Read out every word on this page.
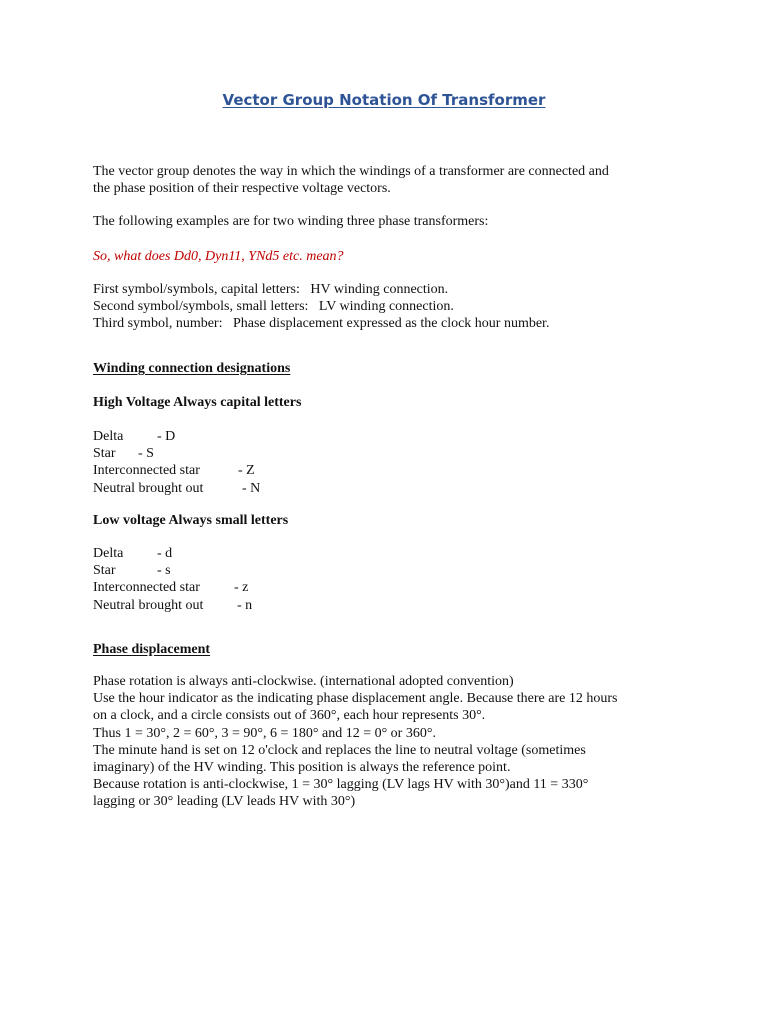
Vector Group Notation Of Transformer
The vector group denotes the way in which the windings of a transformer are connected and
the phase position of their respective voltage vectors.
The following examples are for two winding three phase transformers:
So, what does Dd0, Dyn11, YNd5 etc. mean?
First symbol/symbols, capital letters:   HV winding connection.
Second symbol/symbols, small letters:   LV winding connection.
Third symbol, number:   Phase displacement expressed as the clock hour number.
Winding connection designations
High Voltage Always capital letters
Delta - D
Star - S
Interconnected star	- Z
Neutral brought out	- N
Low voltage Always small letters
Delta - d
Star	- s
Interconnected star - z
Neutral brought out - n
Phase displacement
Phase rotation is always anti-clockwise. (international adopted convention)
Use the hour indicator as the indicating phase displacement angle. Because there are 12 hours
on a clock, and a circle consists out of 360°, each hour represents 30°.
Thus 1 = 30°, 2 = 60°, 3 = 90°, 6 = 180° and 12 = 0° or 360°.
The minute hand is set on 12 o'clock and replaces the line to neutral voltage (sometimes
imaginary) of the HV winding. This position is always the reference point.
Because rotation is anti-clockwise, 1 = 30° lagging (LV lags HV with 30°)and 11 = 330°
lagging or 30° leading (LV leads HV with 30°)
